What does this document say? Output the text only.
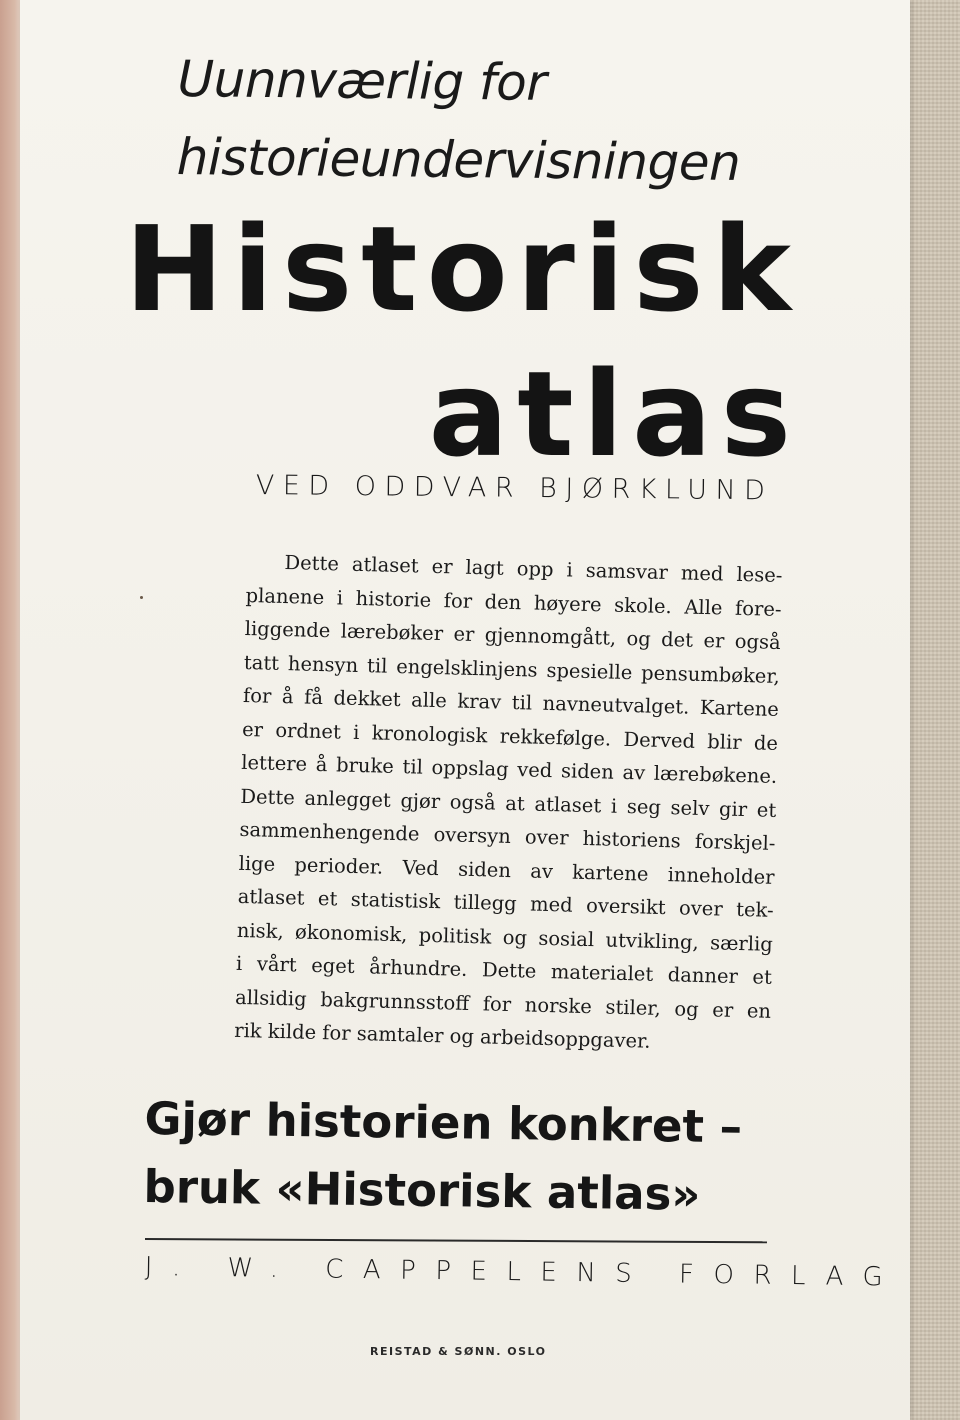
Uunnværlig for
historieundervisningen
Historisk
atlas

VED ODDVAR BJØRKLUND

Dette atlaset er lagt opp i samsvar med lese-
planene i historie for den høyere skole. Alle fore-
liggende lærebøker er gjennomgått, og det er også
tatt hensyn til engelsklinjens spesielle pensumbøker,
for å få dekket alle krav til navneutvalget. Kartene
er ordnet i kronologisk rekkefølge. Derved blir de
lettere å bruke til oppslag ved siden av lærebøkene.
Dette anlegget gjør også at atlaset i seg selv gir et
sammenhengende oversyn over historiens forskjel-
lige perioder. Ved siden av kartene inneholder
atlaset et statistisk tillegg med oversikt over tek-
nisk, økonomisk, politisk og sosial utvikling, særlig
i vårt eget århundre. Dette materialet danner et
allsidig bakgrunnsstoff for norske stiler, og er en
rik kilde for samtaler og arbeidsoppgaver.
Gjør historien konkret –
bruk «Historisk atlas»

J. W. CAPPELENS FORLAG

REISTAD & SØNN. OSLO
